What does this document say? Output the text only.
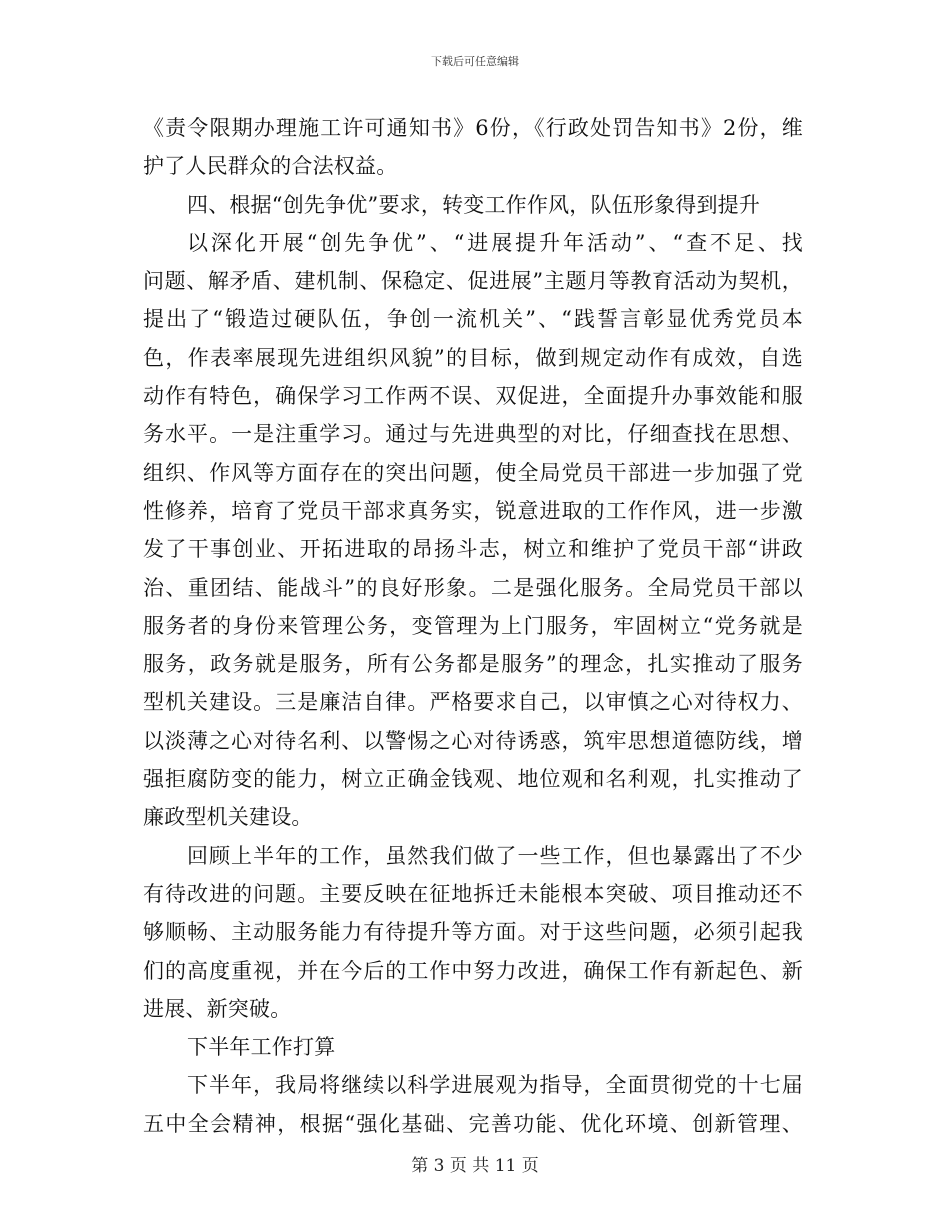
下载后可任意编辑
《责令限期办理施工许可通知书》6份，《行政处罚告知书》2份，维
护了人民群众的合法权益。
四、根据“创先争优”要求，转变工作作风，队伍形象得到提升
以深化开展“创先争优”、“进展提升年活动”、“查不足、找
问题、解矛盾、建机制、保稳定、促进展”主题月等教育活动为契机，
提出了“锻造过硬队伍，争创一流机关”、“践誓言彰显优秀党员本
色，作表率展现先进组织风貌”的目标，做到规定动作有成效，自选
动作有特色，确保学习工作两不误、双促进，全面提升办事效能和服
务水平。一是注重学习。通过与先进典型的对比，仔细查找在思想、
组织、作风等方面存在的突出问题，使全局党员干部进一步加强了党
性修养，培育了党员干部求真务实，锐意进取的工作作风，进一步激
发了干事创业、开拓进取的昂扬斗志，树立和维护了党员干部“讲政
治、重团结、能战斗”的良好形象。二是强化服务。全局党员干部以
服务者的身份来管理公务，变管理为上门服务，牢固树立“党务就是
服务，政务就是服务，所有公务都是服务”的理念，扎实推动了服务
型机关建设。三是廉洁自律。严格要求自己，以审慎之心对待权力、
以淡薄之心对待名利、以警惕之心对待诱惑，筑牢思想道德防线，增
强拒腐防变的能力，树立正确金钱观、地位观和名利观，扎实推动了
廉政型机关建设。
回顾上半年的工作，虽然我们做了一些工作，但也暴露出了不少
有待改进的问题。主要反映在征地拆迁未能根本突破、项目推动还不
够顺畅、主动服务能力有待提升等方面。对于这些问题，必须引起我
们的高度重视，并在今后的工作中努力改进，确保工作有新起色、新
进展、新突破。
下半年工作打算
下半年，我局将继续以科学进展观为指导，全面贯彻党的十七届
五中全会精神，根据“强化基础、完善功能、优化环境、创新管理、
第 3 页 共 11 页
